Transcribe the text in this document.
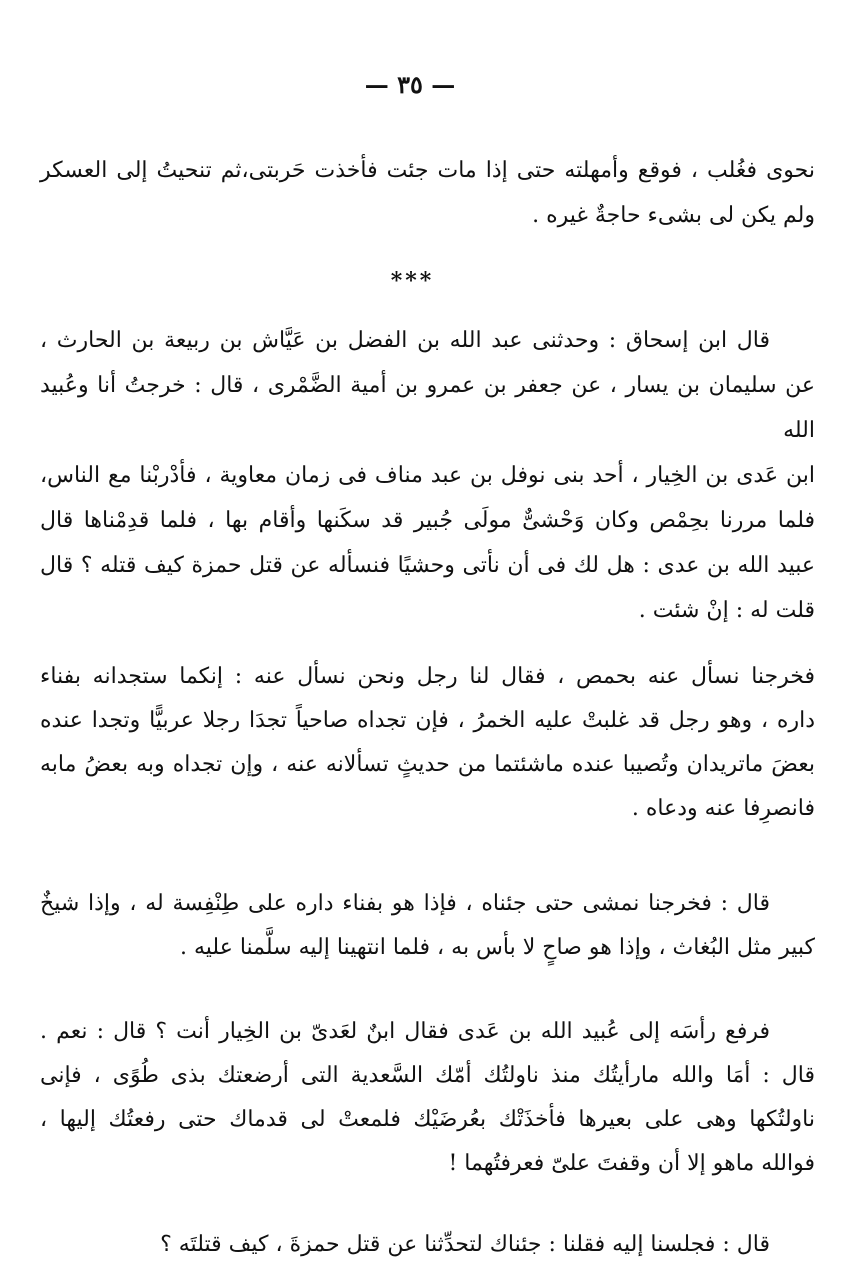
— ٣٥ —

نحوى فغُلب ، فوقع وأمهلته حتى إذا مات جئت فأخذت حَربتى،ثم تنحيتُ إلى العسكر
ولم يكن لى بشىء حاجةٌ غيره .

***

قال ابن إسحاق : وحدثنى عبد الله بن الفضل بن عَيَّاش بن ربيعة بن الحارث ،
عن سليمان بن يسار ، عن جعفر بن عمرو بن أمية الضَّمْرى ، قال : خرجتُ أنا وعُبيد الله
ابن عَدى بن الخِيار ، أحد بنى نوفل بن عبد مناف فى زمان معاوية ، فأدْربْنا مع الناس،
فلما مررنا بحِمْص وكان وَحْشىٌّ مولَى جُبير قد سكَنها وأقام بها ، فلما قدِمْناها قال
عبيد الله بن عدى : هل لك فى أن نأتى وحشيًا فنسأله عن قتل حمزة كيف قتله ؟ قال
قلت له : إنْ شئت .

فخرجنا نسأل عنه بحمص ، فقال لنا رجل ونحن نسأل عنه : إنكما ستجدانه بفناء
داره ، وهو رجل قد غلبتْ عليه الخمرُ ، فإن تجداه صاحياً تجدَا رجلا عربيًّا وتجدا عنده
بعضَ ماتريدان وتُصيبا عنده ماشئتما من حديثٍ تسألانه عنه ، وإن تجداه وبه بعضُ مابه
فانصرِفا عنه ودعاه .

قال : فخرجنا نمشى حتى جئناه ، فإذا هو بفناء داره على طِنْفِسة له ، وإذا شيخٌ
كبير مثل البُغاث ، وإذا هو صاحٍ لا بأس به ، فلما انتهينا إليه سلَّمنا عليه .

فرفع رأسَه إلى عُبيد الله بن عَدى فقال ابنٌ لعَدىّ بن الخِيار أنت ؟ قال : نعم .
قال : أمَا والله مارأيتُك منذ ناولتُك أمّك السَّعدية التى أرضعتك بذى طُوًى ، فإنى
ناولتُكها وهى على بعيرها فأخذَتْك بعُرضَيْك فلمعتْ لى قدماك حتى رفعتُك إليها ،
فوالله ماهو إلا أن وقفتَ علىّ فعرفتُهما !

قال : فجلسنا إليه فقلنا : جئناك لتحدِّثنا عن قتل حمزةَ ، كيف قتلتَه ؟
